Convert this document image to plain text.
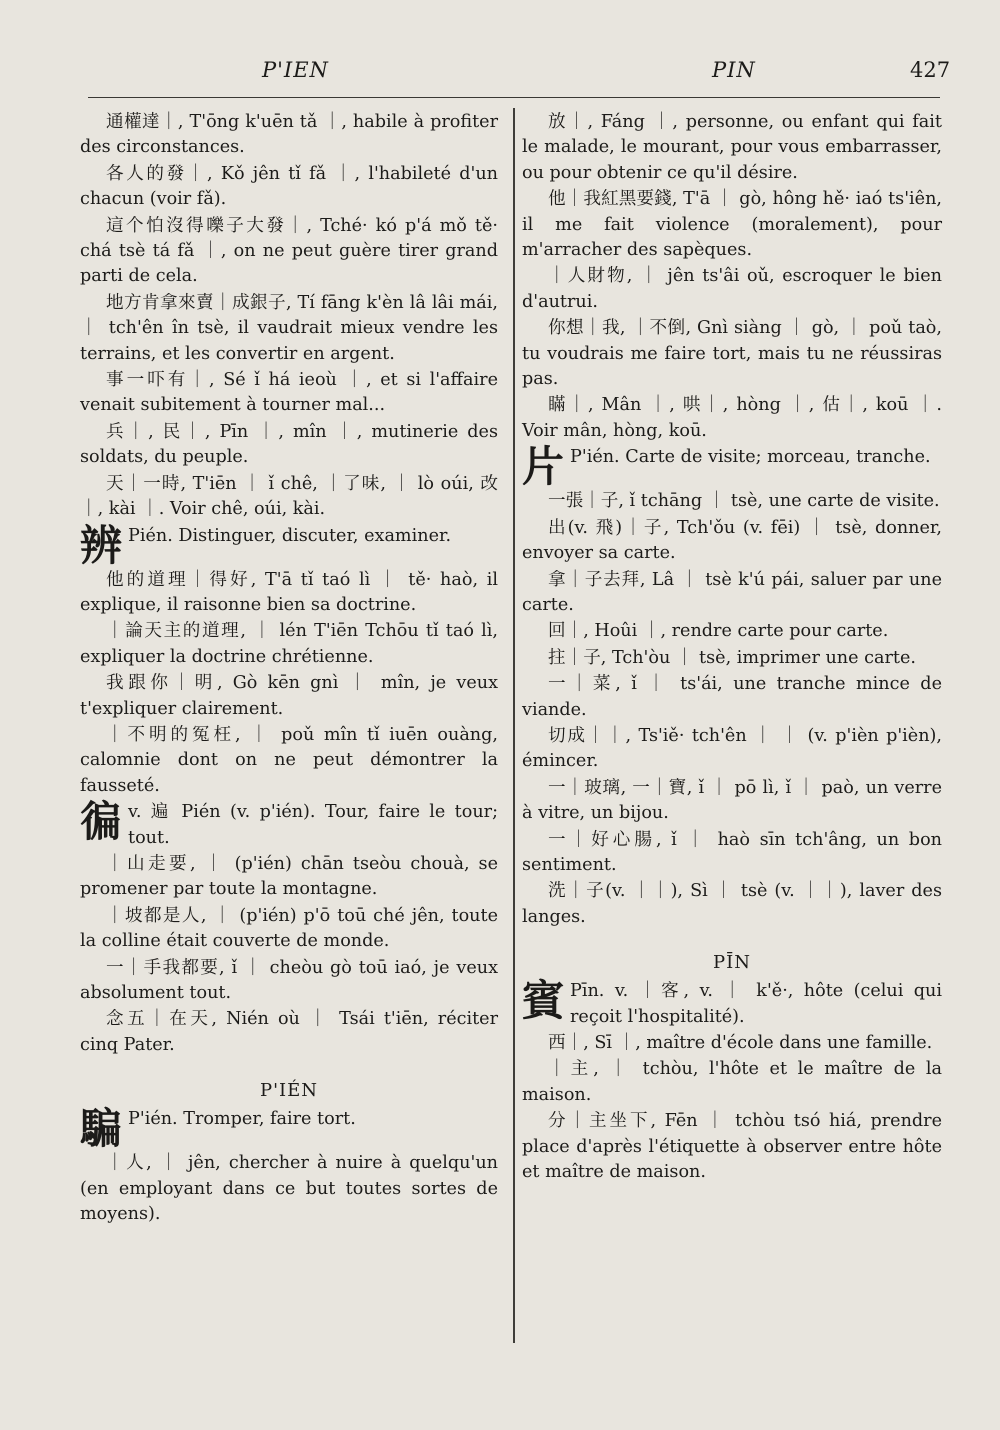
P'IEN	PIN	427
通權達｜, T'ōng k'uēn tǎ ｜, habile à profiter des circonstances.
各人的發｜, Kǒ jên tǐ fǎ ｜, l'habileté d'un chacun (voir fǎ).
這个怕沒得嚛子大發｜, Tché· kó p'á mǒ tě· chá tsè tá fǎ ｜, on ne peut guère tirer grand parti de cela.
地方肯拿來賣｜成銀子, Tí fāng k'èn lâ lâi mái, ｜ tch'ên în tsè, il vaudrait mieux vendre les terrains, et les convertir en argent.
事一吓有｜, Sé ǐ há ieoù ｜, et si l'affaire venait subitement à tourner mal...
兵｜, 民｜, Pīn ｜, mîn ｜, mutinerie des soldats, du peuple.
天｜一時, T'iēn ｜ ǐ chê, ｜了味, ｜ lò oúi, 改｜, kài ｜. Voir chê, oúi, kài.
辨 Pién. Distinguer, discuter, examiner.
他的道理｜得好, T'ā tǐ taó lì ｜ tě· haò, il explique, il raisonne bien sa doctrine.
｜論天主的道理, ｜ lén T'iēn Tchōu tǐ taó lì, expliquer la doctrine chrétienne.
我跟你｜明, Gò kēn gnì ｜ mîn, je veux t'expliquer clairement.
｜不明的冤枉, ｜ poǔ mîn tǐ iuēn ouàng, calomnie dont on ne peut démontrer la fausseté.
徧v. 遍 Pién (v. p'ién). Tour, faire le tour; tout.
｜山走要, ｜ (p'ién) chān tseòu chouà, se promener par toute la montagne.
｜坡都是人, ｜ (p'ién) p'ō toū ché jên, toute la colline était couverte de monde.
一｜手我都要, ǐ ｜ cheòu gò toū iaó, je veux absolument tout.
念五｜在天, Nién où ｜ Tsái t'iēn, réciter cinq Pater.
P'IÉN
騙 P'ién. Tromper, faire tort.
｜人, ｜ jên, chercher à nuire à quelqu'un (en employant dans ce but toutes sortes de moyens).
放｜, Fáng ｜, personne, ou enfant qui fait le malade, le mourant, pour vous embarrasser, ou pour obtenir ce qu'il désire.
他｜我紅黑要錢, T'ā ｜ gò, hông hě· iaó ts'iên, il me fait violence (moralement), pour m'arracher des sapèques.
｜人財物, ｜ jên ts'âi oǔ, escroquer le bien d'autrui.
你想｜我, ｜不倒, Gnì siàng ｜ gò, ｜ poǔ taò, tu voudrais me faire tort, mais tu ne réussiras pas.
瞞｜, Mân ｜, 哄｜, hòng ｜, 估｜, koū ｜. Voir mân, hòng, koū.
片 P'ién. Carte de visite; morceau, tranche.
一張｜子, ǐ tchāng ｜ tsè, une carte de visite.
出(v. 飛)｜子, Tch'ǒu (v. fēi) ｜ tsè, donner, envoyer sa carte.
拿｜子去拜, Lâ ｜ tsè k'ú pái, saluer par une carte.
回｜, Hoûi ｜, rendre carte pour carte.
拄｜子, Tch'òu ｜ tsè, imprimer une carte.
一｜菜, ǐ ｜ ts'ái, une tranche mince de viande.
切成｜｜, Ts'iě· tch'ên ｜ ｜ (v. p'ièn p'ièn), émincer.
一｜玻璃, 一｜寶, ǐ ｜ pō lì, ǐ ｜ paò, un verre à vitre, un bijou.
一｜好心腸, ǐ ｜ haò sīn tch'âng, un bon sentiment.
洗｜子(v. ｜｜), Sì ｜ tsè (v. ｜｜), laver des langes.
PĪN
賓 Pīn. v. ｜客, v. ｜ k'ě·, hôte (celui qui reçoit l'hospitalité).
西｜, Sī ｜, maître d'école dans une famille.
｜主, ｜ tchòu, l'hôte et le maître de la maison.
分｜主坐下, Fēn ｜ tchòu tsó hiá, prendre place d'après l'étiquette à observer entre hôte et maître de maison.
